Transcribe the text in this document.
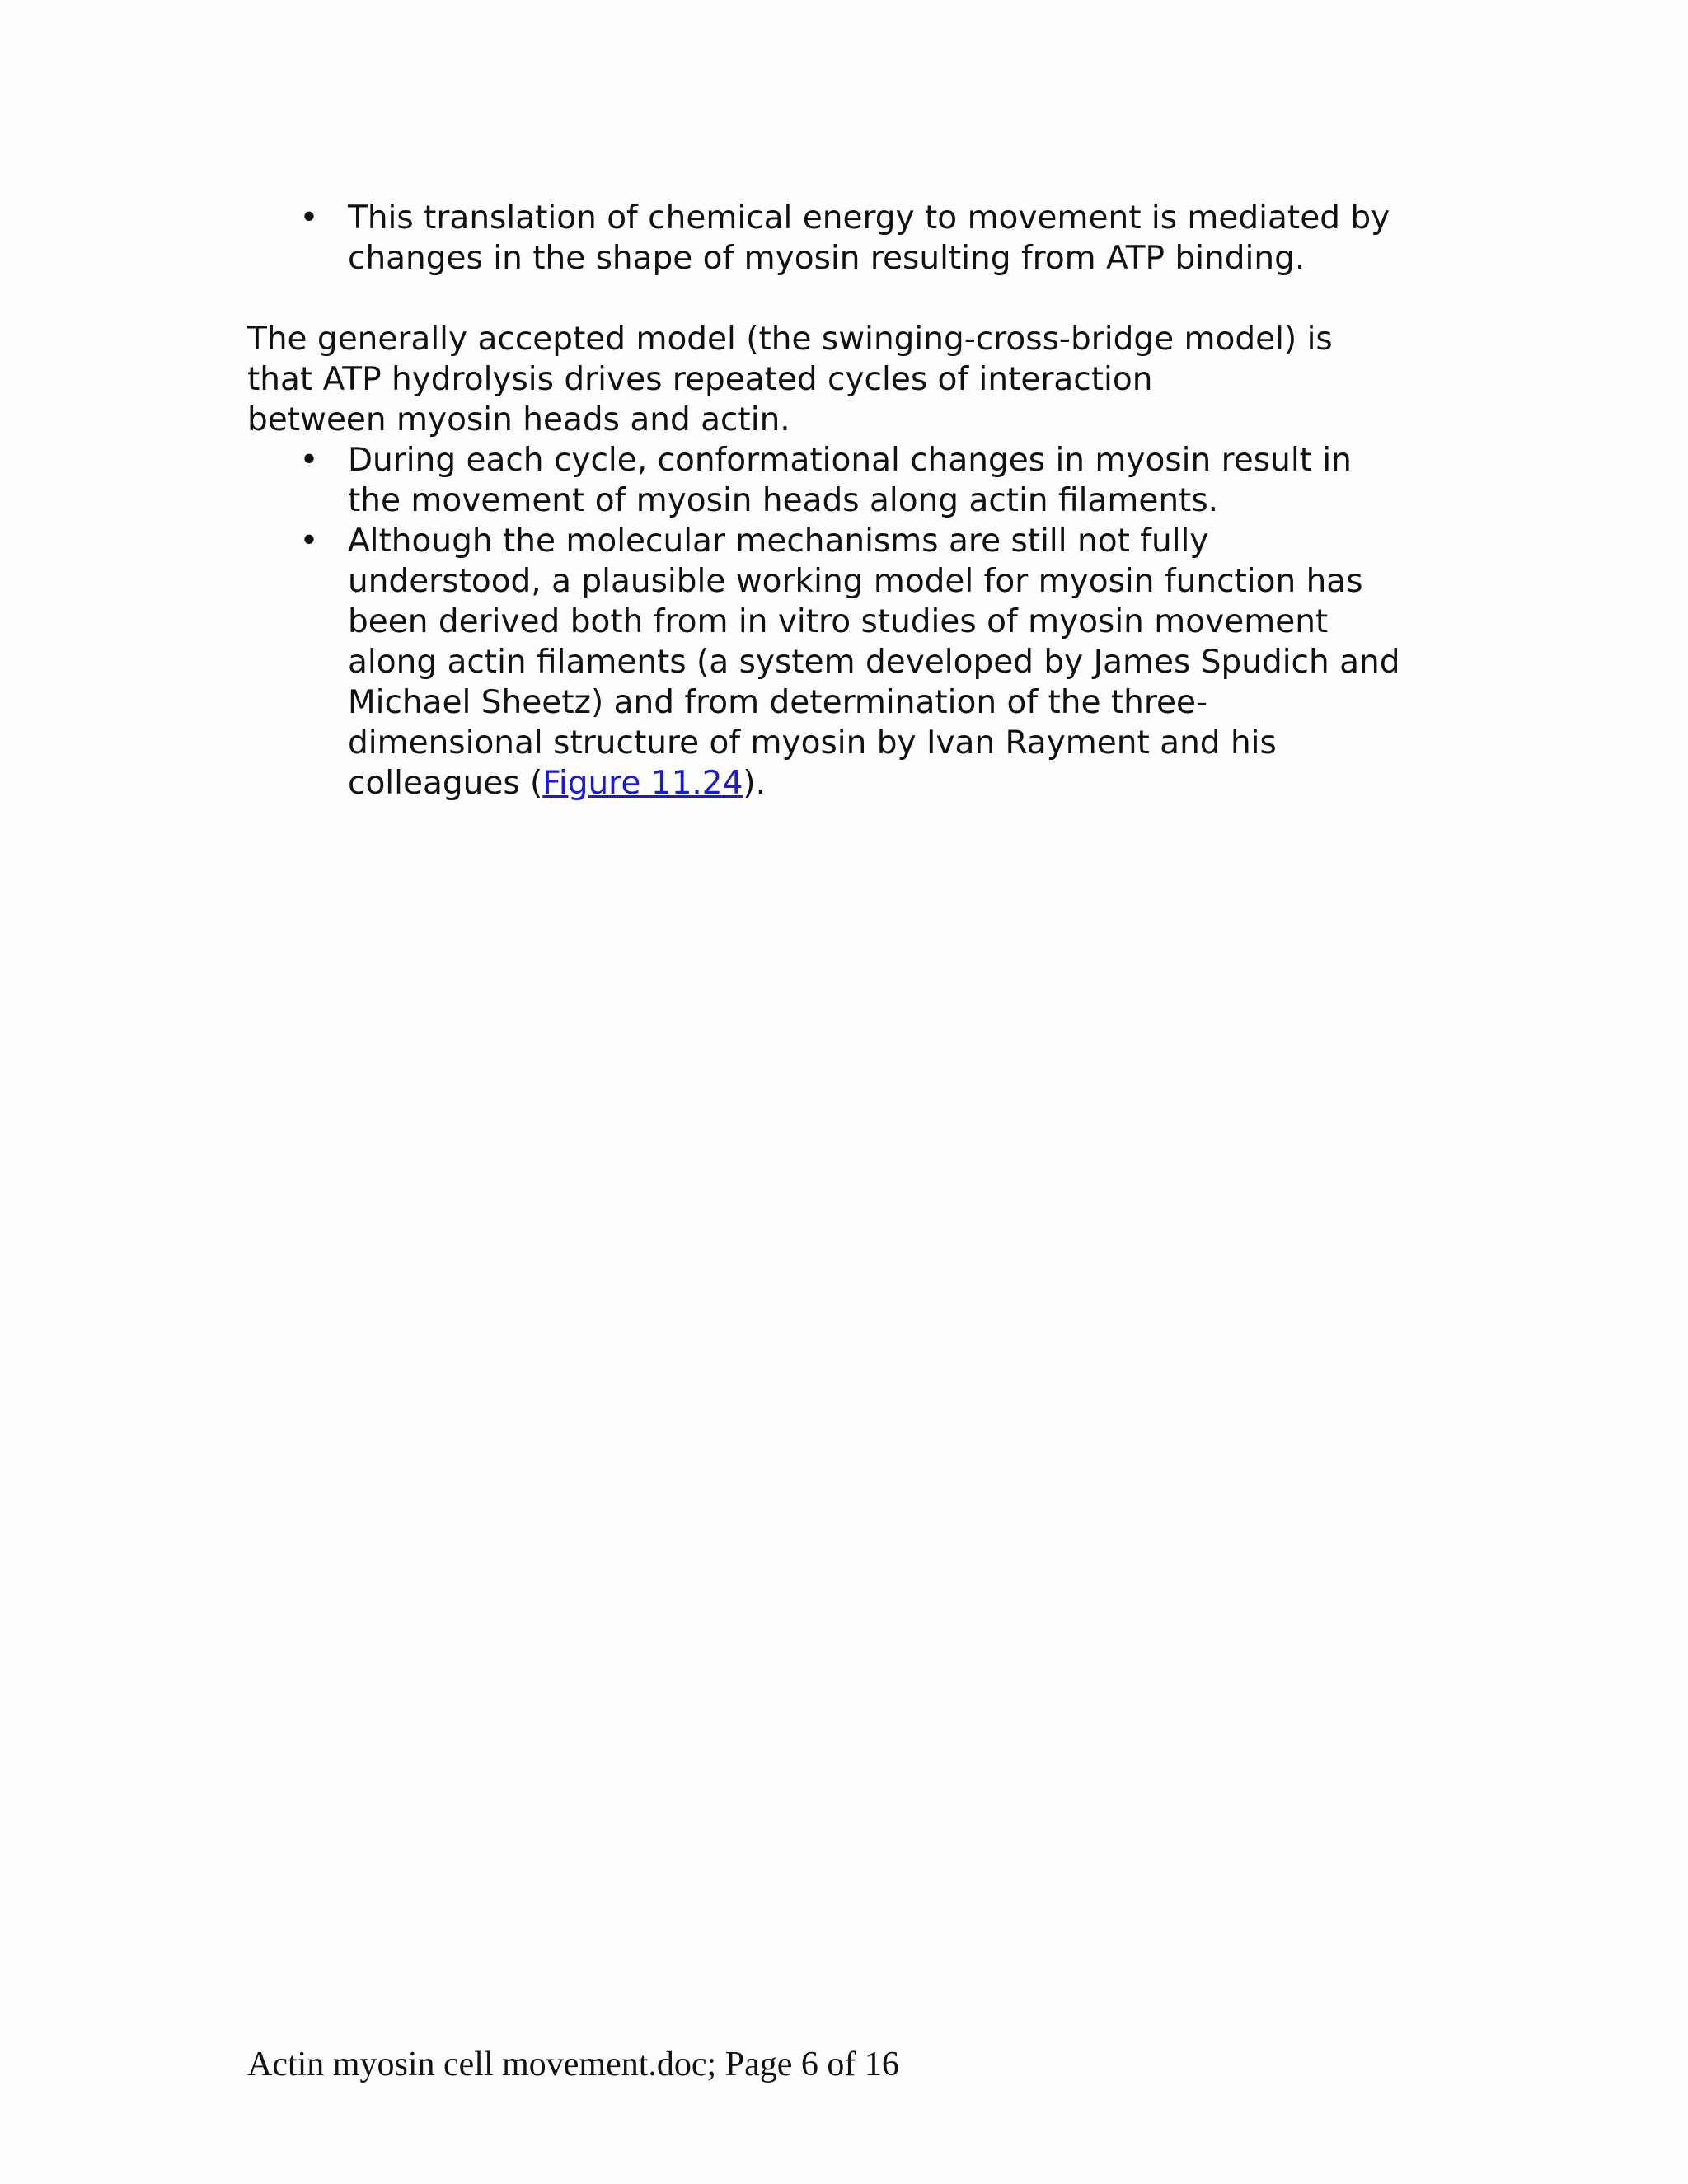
• This translation of chemical energy to movement is mediated by
changes in the shape of myosin resulting from ATP binding.

The generally accepted model (the swinging-cross-bridge model) is
that ATP hydrolysis drives repeated cycles of interaction
between myosin heads and actin.

• During each cycle, conformational changes in myosin result in
the movement of myosin heads along actin filaments.
• Although the molecular mechanisms are still not fully
understood, a plausible working model for myosin function has
been derived both from in vitro studies of myosin movement
along actin filaments (a system developed by James Spudich and
Michael Sheetz) and from determination of the three-
dimensional structure of myosin by Ivan Rayment and his
colleagues (Figure 11.24).
Actin myosin cell movement.doc; Page 6 of 16
